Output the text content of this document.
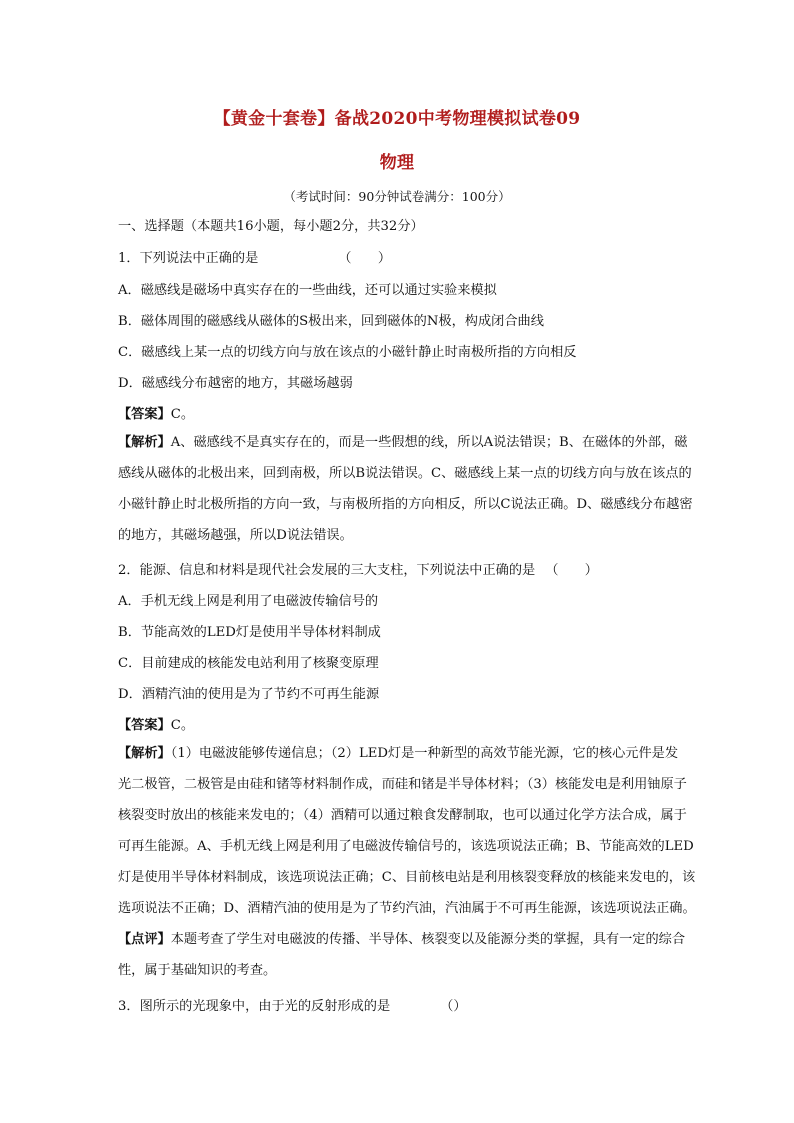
【黄金十套卷】备战2020中考物理模拟试卷09
物理
（考试时间：90分钟试卷满分：100分）
一、选择题（本题共16小题，每小题2分，共32分）
1．下列说法中正确的是	（　　）
A．磁感线是磁场中真实存在的一些曲线，还可以通过实验来模拟
B．磁体周围的磁感线从磁体的S极出来，回到磁体的N极，构成闭合曲线
C．磁感线上某一点的切线方向与放在该点的小磁针静止时南极所指的方向相反
D．磁感线分布越密的地方，其磁场越弱
【答案】C。

【解析】A、磁感线不是真实存在的，而是一些假想的线，所以A说法错误；B、在磁体的外部，磁

感线从磁体的北极出来，回到南极，所以B说法错误。C、磁感线上某一点的切线方向与放在该点的

小磁针静止时北极所指的方向一致，与南极所指的方向相反，所以C说法正确。D、磁感线分布越密

的地方，其磁场越强，所以D说法错误。

2．能源、信息和材料是现代社会发展的三大支柱，下列说法中正确的是 （　　）
A．手机无线上网是利用了电磁波传输信号的
B．节能高效的LED灯是使用半导体材料制成
C．目前建成的核能发电站利用了核聚变原理
D．酒精汽油的使用是为了节约不可再生能源
【答案】C。

【解析】（1）电磁波能够传递信息；（2）LED灯是一种新型的高效节能光源，它的核心元件是发

光二极管，二极管是由硅和锗等材料制作成，而硅和锗是半导体材料；（3）核能发电是利用铀原子

核裂变时放出的核能来发电的；（4）酒精可以通过粮食发酵制取，也可以通过化学方法合成，属于

可再生能源。A、手机无线上网是利用了电磁波传输信号的，该选项说法正确；B、节能高效的LED

灯是使用半导体材料制成，该选项说法正确；C、目前核电站是利用核裂变释放的核能来发电的，该

选项说法不正确；D、酒精汽油的使用是为了节约汽油，汽油属于不可再生能源，该选项说法正确。

【点评】本题考查了学生对电磁波的传播、半导体、核裂变以及能源分类的掌握，具有一定的综合

性，属于基础知识的考查。

3．图所示的光现象中，由于光的反射形成的是	（）
